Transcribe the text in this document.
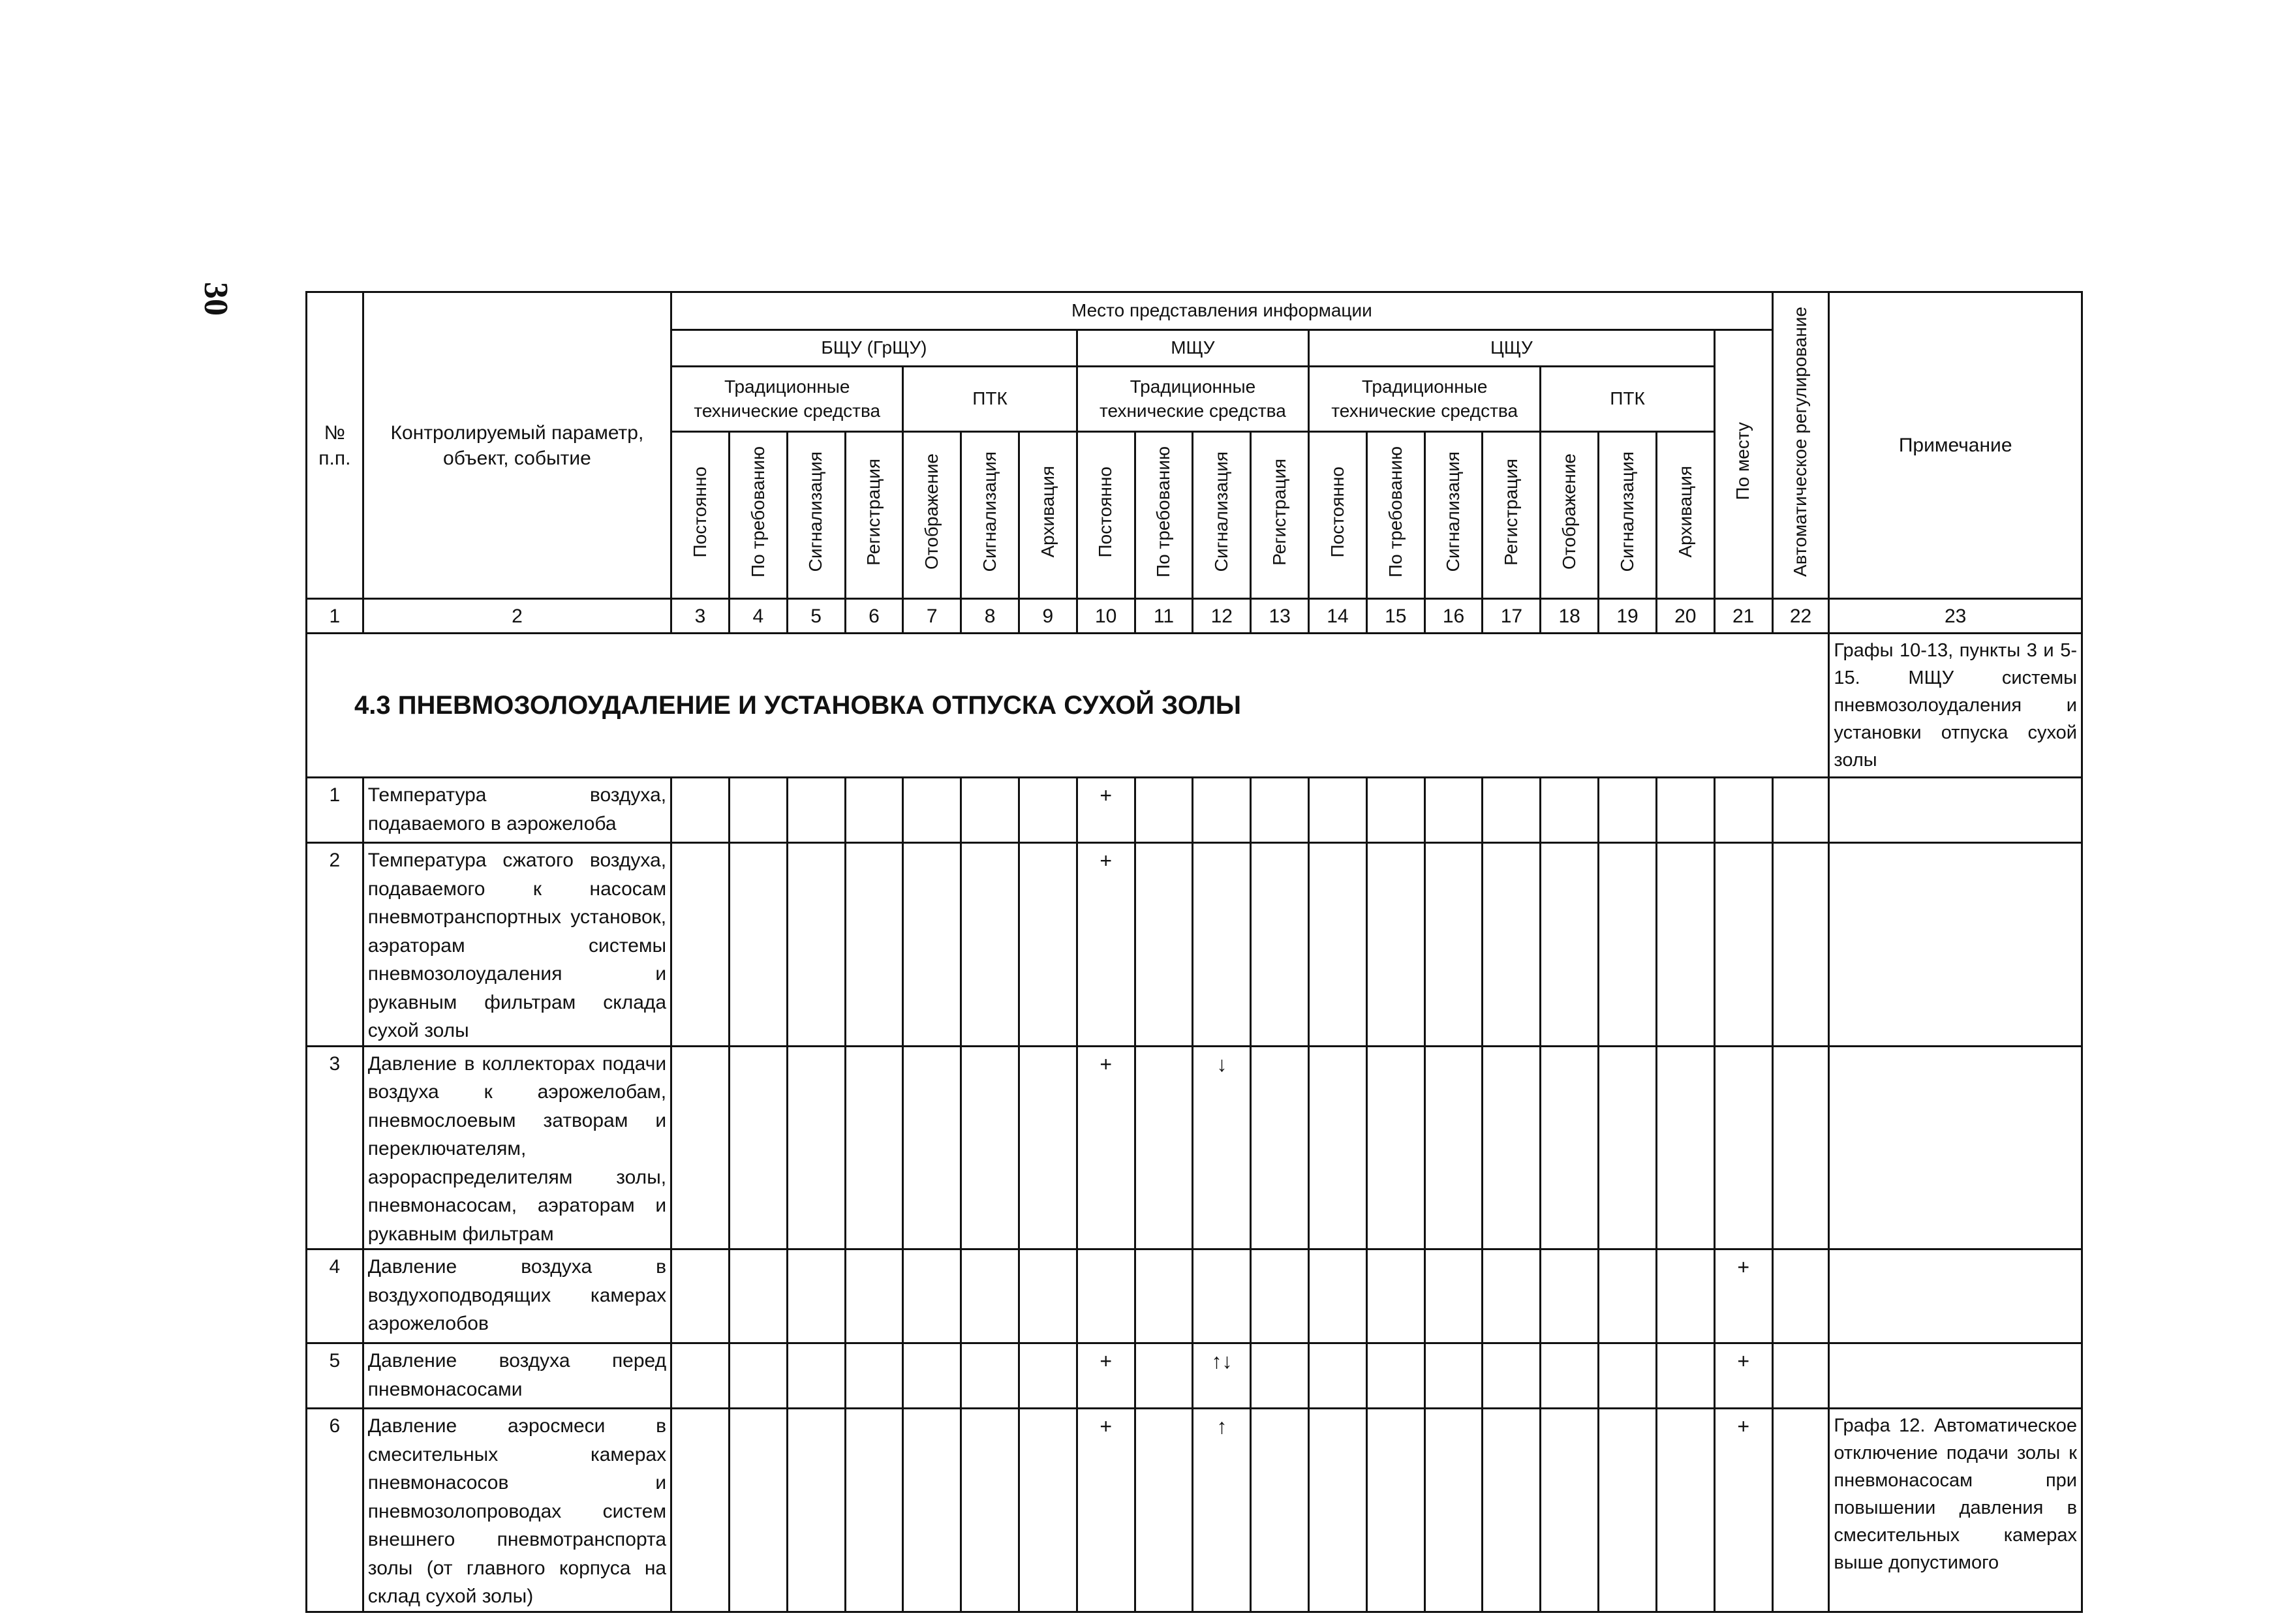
30
№ п.п.	Контролируемый параметр, объект, событие	Место представления информации																			Автоматическое регулирование	Примечание
		БЩУ (ГрЩУ)							МЩУ				ЦЩУ							По месту		
		Традиционные технические средства				ПТК			Традиционные технические средства				Традиционные технические средства				ПТК					
		Постоянно	По требованию	Сигнализация	Регистрация	Отображение	Сигнализация	Архивация	Постоянно	По требованию	Сигнализация	Регистрация	Постоянно	По требованию	Сигнализация	Регистрация	Отображение	Сигнализация	Архивация			
1	2	3	4	5	6	7	8	9	10	11	12	13	14	15	16	17	18	19	20	21	22	23
4.3 ПНЕВМОЗОЛОУДАЛЕНИЕ И УСТАНОВКА ОТПУСКА СУХОЙ ЗОЛЫ																						Графы 10-13, пункты 3 и 5-15. МЩУ системы пневмозолоудаления и установки отпуска сухой золы
1	Температура воздуха, подаваемого в аэрожелоба								+													
2	Температура сжатого воздуха, подаваемого к насосам пневмотранспортных установок, аэраторам системы пневмозолоудаления и рукавным фильтрам склада сухой золы								+													
3	Давление в коллекторах подачи воздуха к аэрожелобам, пневмослоевым затворам и переключателям, аэрораспределителям золы, пневмонасосам, аэраторам и рукавным фильтрам								+		↓											
4	Давление воздуха в воздухоподводящих камерах аэрожелобов																			+		
5	Давление воздуха перед пневмонасосами								+		↑↓									+		
6	Давление аэросмеси в смесительных камерах пневмонасосов и пневмозолопроводах систем внешнего пневмотранспорта золы (от главного корпуса на склад сухой золы)								+		↑									+		Графа 12. Автоматическое отключение подачи золы к пневмонасосам при повышении давления в смесительных камерах выше допустимого
